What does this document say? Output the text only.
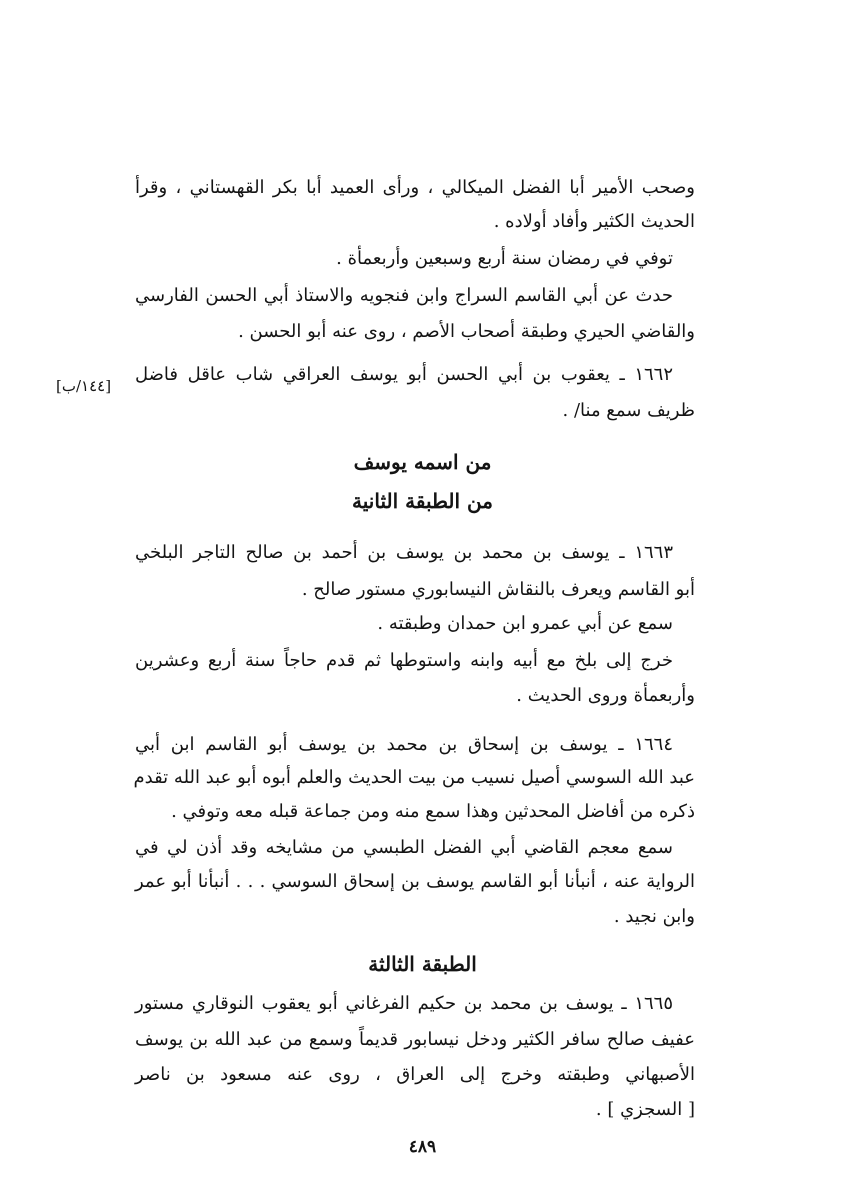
وصحب الأمير أبا الفضل الميكالي ، ورأى العميد أبا بكر القهستاني ، وقرأ
الحديث الكثير وأفاد أولاده .
توفي في رمضان سنة أربع وسبعين وأربعمأة .
حدث عن أبي القاسم السراج وابن فنجويه والاستاذ أبي الحسن الفارسي
والقاضي الحيري وطبقة أصحاب الأصم ، روى عنه أبو الحسن .
١٦٦٢ ـ يعقوب بن أبي الحسن أبو يوسف العراقي شاب عاقل فاضل
ظريف سمع منا/ .
[١٤٤/ب]
من اسمه يوسف
من الطبقة الثانية
١٦٦٣ ـ يوسف بن محمد بن يوسف بن أحمد بن صالح التاجر البلخي
أبو القاسم ويعرف بالنقاش النيسابوري مستور صالح .
سمع عن أبي عمرو ابن حمدان وطبقته .
خرج إلى بلخ مع أبيه وابنه واستوطها ثم قدم حاجاً سنة أربع وعشرين
وأربعمأة وروى الحديث .
١٦٦٤ ـ يوسف بن إسحاق بن محمد بن يوسف أبو القاسم ابن أبي
عبد الله السوسي أصيل نسيب من بيت الحديث والعلم أبوه أبو عبد الله تقدم
ذكره من أفاضل المحدثين وهذا سمع منه ومن جماعة قبله معه وتوفي .
سمع معجم القاضي أبي الفضل الطبسي من مشايخه وقد أذن لي في
الرواية عنه ، أنبأنا أبو القاسم يوسف بن إسحاق السوسي . . . أنبأنا أبو عمر
وابن نجيد .
الطبقة الثالثة
١٦٦٥ ـ يوسف بن محمد بن حكيم الفرغاني أبو يعقوب النوقاري مستور
عفيف صالح سافر الكثير ودخل نيسابور قديماً وسمع من عبد الله بن يوسف
الأصبهاني وطبقته وخرج إلى العراق ، روى عنه مسعود بن ناصر
[ السجزي ] .
٤٨٩
